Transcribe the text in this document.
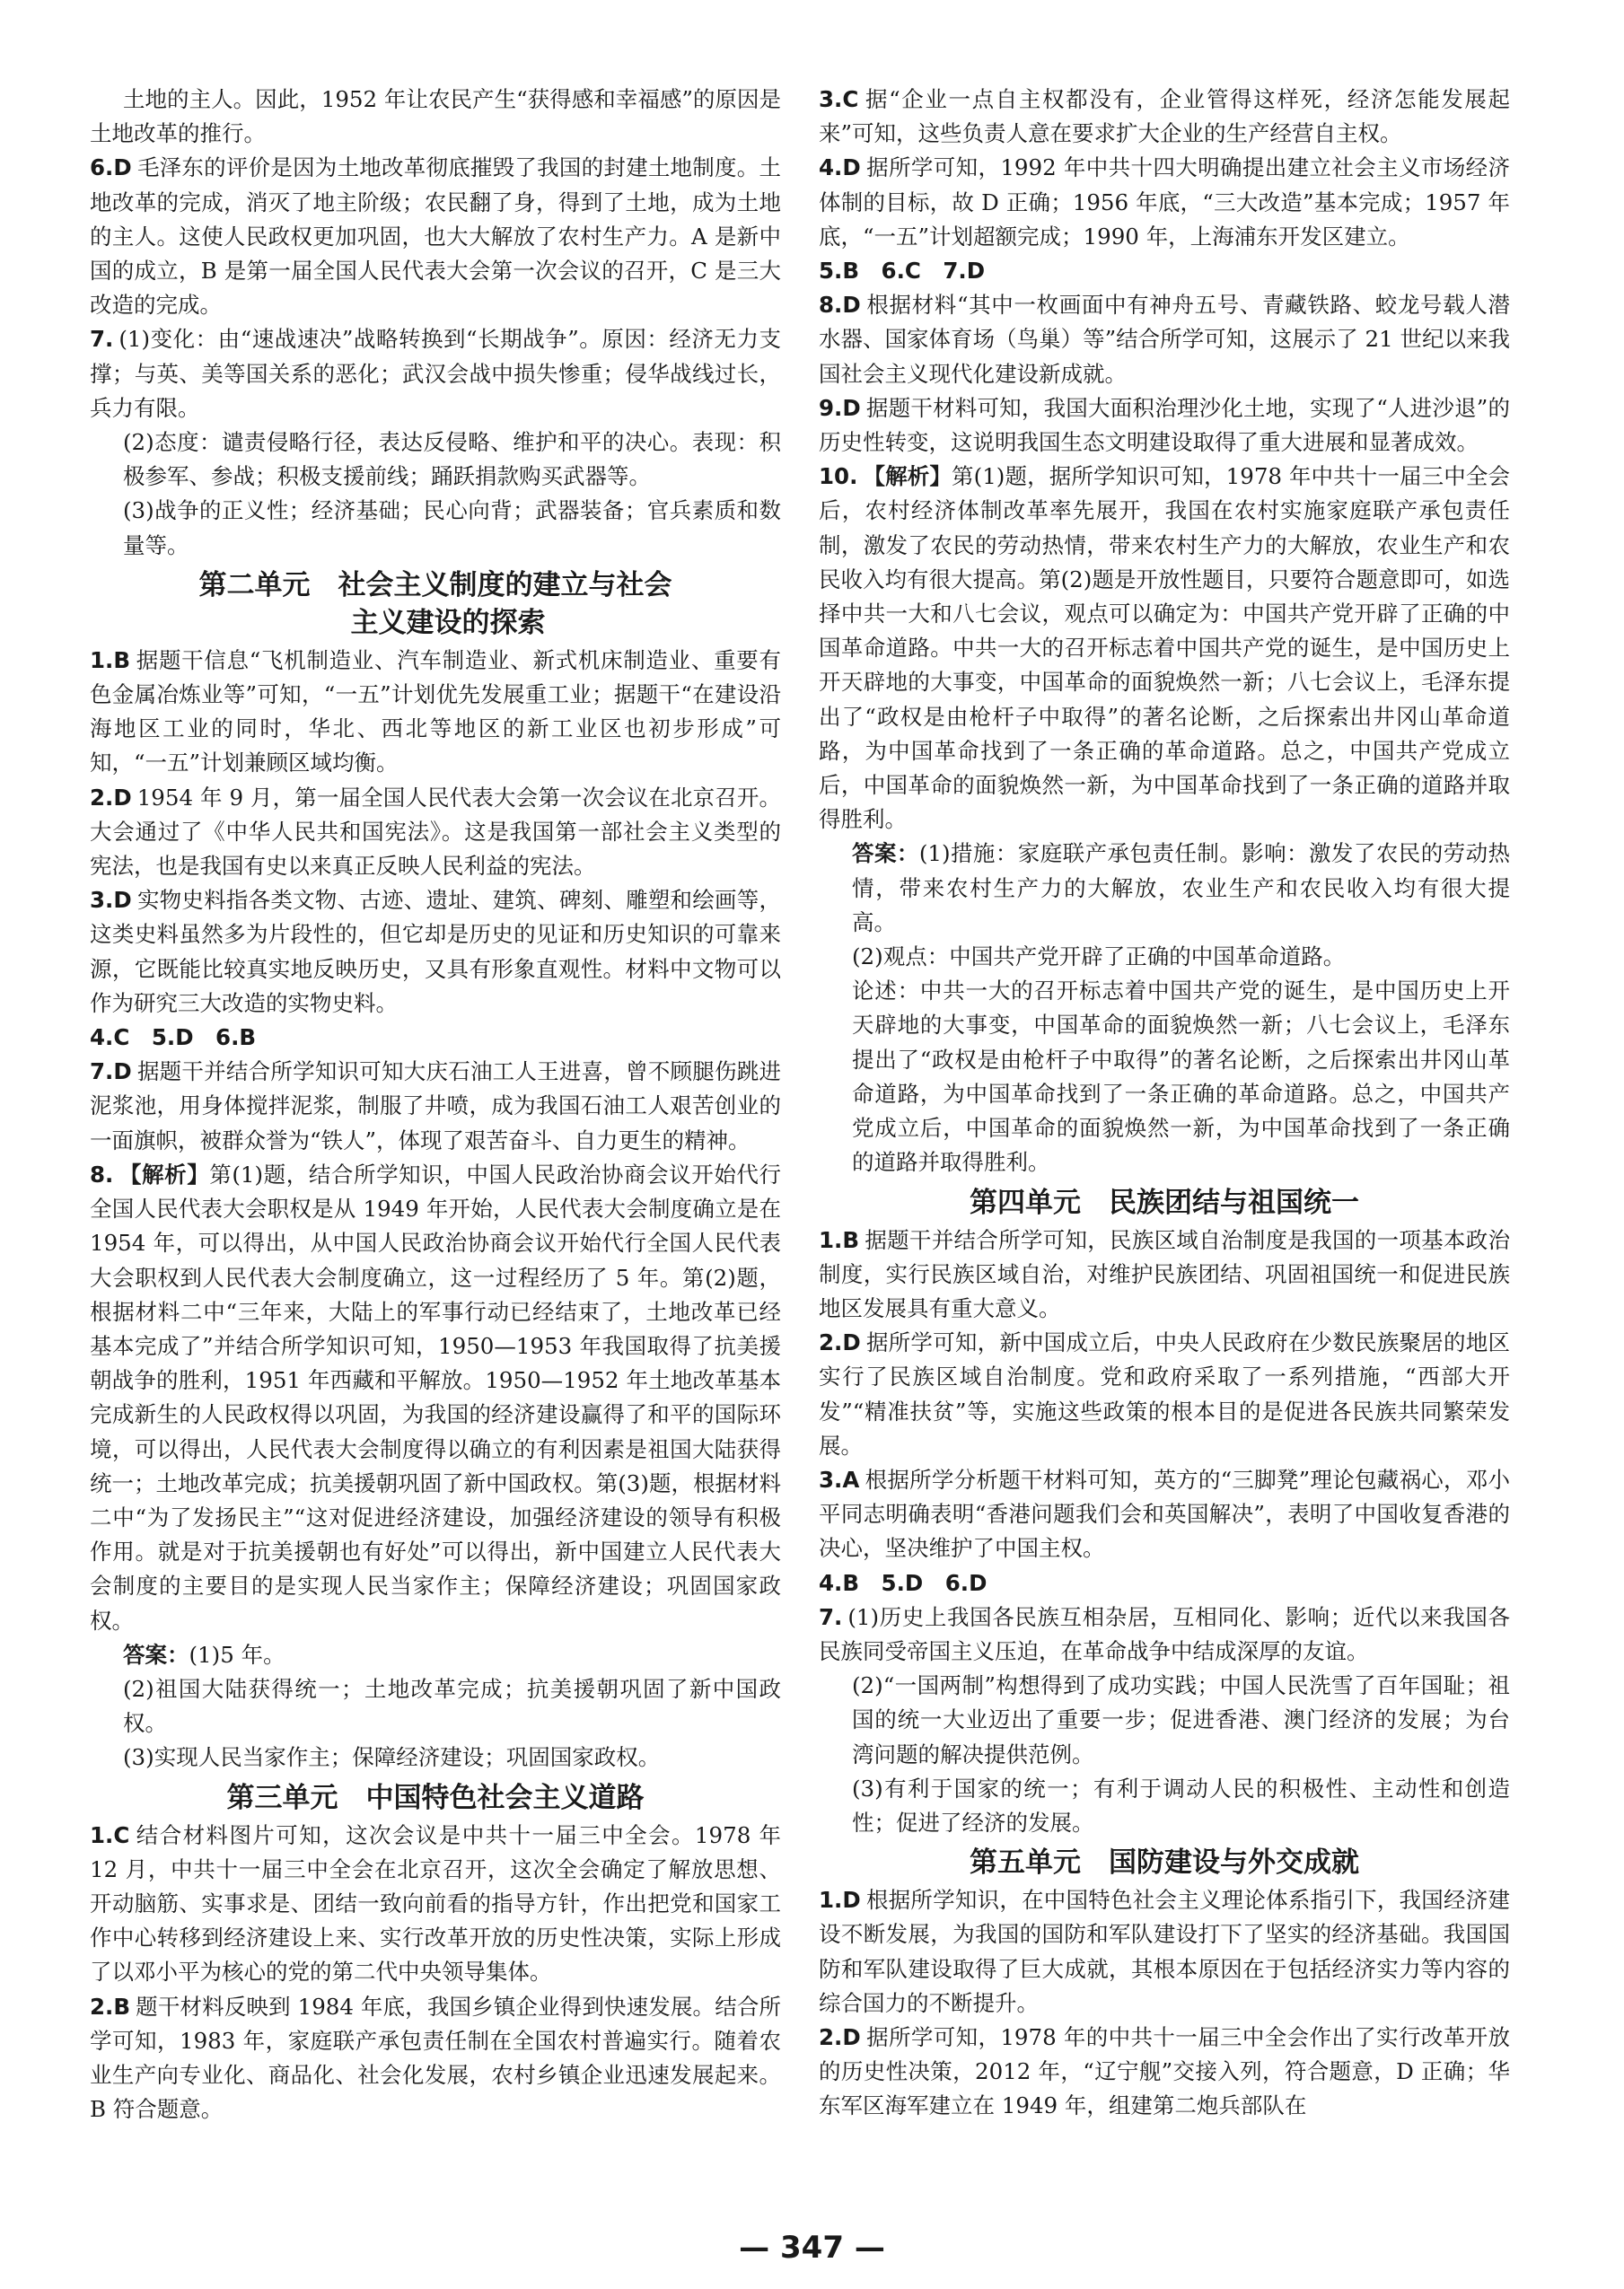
土地的主人。因此，1952 年让农民产生“获得感和幸福感”的原因是土地改革的推行。
6.D 毛泽东的评价是因为土地改革彻底摧毁了我国的封建土地制度。土地改革的完成，消灭了地主阶级；农民翻了身，得到了土地，成为土地的主人。这使人民政权更加巩固，也大大解放了农村生产力。A 是新中国的成立，B 是第一届全国人民代表大会第一次会议的召开，C 是三大改造的完成。
7. (1)变化：由“速战速决”战略转换到“长期战争”。原因：经济无力支撑；与英、美等国关系的恶化；武汉会战中损失惨重；侵华战线过长，兵力有限。
(2)态度：谴责侵略行径，表达反侵略、维护和平的决心。表现：积极参军、参战；积极支援前线；踊跃捐款购买武器等。
(3)战争的正义性；经济基础；民心向背；武器装备；官兵素质和数量等。
第二单元　社会主义制度的建立与社会
主义建设的探索
1.B 据题干信息“飞机制造业、汽车制造业、新式机床制造业、重要有色金属冶炼业等”可知，“一五”计划优先发展重工业；据题干“在建设沿海地区工业的同时，华北、西北等地区的新工业区也初步形成”可知，“一五”计划兼顾区域均衡。
2.D 1954 年 9 月，第一届全国人民代表大会第一次会议在北京召开。大会通过了《中华人民共和国宪法》。这是我国第一部社会主义类型的宪法，也是我国有史以来真正反映人民利益的宪法。
3.D 实物史料指各类文物、古迹、遗址、建筑、碑刻、雕塑和绘画等，这类史料虽然多为片段性的，但它却是历史的见证和历史知识的可靠来源，它既能比较真实地反映历史，又具有形象直观性。材料中文物可以作为研究三大改造的实物史料。
4.C　5.D　6.B
7.D 据题干并结合所学知识可知大庆石油工人王进喜，曾不顾腿伤跳进泥浆池，用身体搅拌泥浆，制服了井喷，成为我国石油工人艰苦创业的一面旗帜，被群众誉为“铁人”，体现了艰苦奋斗、自力更生的精神。
8. 【解析】第(1)题，结合所学知识，中国人民政治协商会议开始代行全国人民代表大会职权是从 1949 年开始，人民代表大会制度确立是在 1954 年，可以得出，从中国人民政治协商会议开始代行全国人民代表大会职权到人民代表大会制度确立，这一过程经历了 5 年。第(2)题，根据材料二中“三年来，大陆上的军事行动已经结束了，土地改革已经基本完成了”并结合所学知识可知，1950—1953 年我国取得了抗美援朝战争的胜利，1951 年西藏和平解放。1950—1952 年土地改革基本完成新生的人民政权得以巩固，为我国的经济建设赢得了和平的国际环境，可以得出，人民代表大会制度得以确立的有利因素是祖国大陆获得统一；土地改革完成；抗美援朝巩固了新中国政权。第(3)题，根据材料二中“为了发扬民主”“这对促进经济建设，加强经济建设的领导有积极作用。就是对于抗美援朝也有好处”可以得出，新中国建立人民代表大会制度的主要目的是实现人民当家作主；保障经济建设；巩固国家政权。
答案：(1)5 年。
(2)祖国大陆获得统一；土地改革完成；抗美援朝巩固了新中国政权。
(3)实现人民当家作主；保障经济建设；巩固国家政权。
第三单元　中国特色社会主义道路
1.C 结合材料图片可知，这次会议是中共十一届三中全会。1978 年 12 月，中共十一届三中全会在北京召开，这次全会确定了解放思想、开动脑筋、实事求是、团结一致向前看的指导方针，作出把党和国家工作中心转移到经济建设上来、实行改革开放的历史性决策，实际上形成了以邓小平为核心的党的第二代中央领导集体。
2.B 题干材料反映到 1984 年底，我国乡镇企业得到快速发展。结合所学可知，1983 年，家庭联产承包责任制在全国农村普遍实行。随着农业生产向专业化、商品化、社会化发展，农村乡镇企业迅速发展起来。B 符合题意。
3.C 据“企业一点自主权都没有，企业管得这样死，经济怎能发展起来”可知，这些负责人意在要求扩大企业的生产经营自主权。
4.D 据所学可知，1992 年中共十四大明确提出建立社会主义市场经济体制的目标，故 D 正确；1956 年底，“三大改造”基本完成；1957 年底，“一五”计划超额完成；1990 年，上海浦东开发区建立。
5.B　6.C　7.D
8.D 根据材料“其中一枚画面中有神舟五号、青藏铁路、蛟龙号载人潜水器、国家体育场（鸟巢）等”结合所学可知，这展示了 21 世纪以来我国社会主义现代化建设新成就。
9.D 据题干材料可知，我国大面积治理沙化土地，实现了“人进沙退”的历史性转变，这说明我国生态文明建设取得了重大进展和显著成效。
10. 【解析】第(1)题，据所学知识可知，1978 年中共十一届三中全会后，农村经济体制改革率先展开，我国在农村实施家庭联产承包责任制，激发了农民的劳动热情，带来农村生产力的大解放，农业生产和农民收入均有很大提高。第(2)题是开放性题目，只要符合题意即可，如选择中共一大和八七会议，观点可以确定为：中国共产党开辟了正确的中国革命道路。中共一大的召开标志着中国共产党的诞生，是中国历史上开天辟地的大事变，中国革命的面貌焕然一新；八七会议上，毛泽东提出了“政权是由枪杆子中取得”的著名论断，之后探索出井冈山革命道路，为中国革命找到了一条正确的革命道路。总之，中国共产党成立后，中国革命的面貌焕然一新，为中国革命找到了一条正确的道路并取得胜利。
答案：(1)措施：家庭联产承包责任制。影响：激发了农民的劳动热情，带来农村生产力的大解放，农业生产和农民收入均有很大提高。
(2)观点：中国共产党开辟了正确的中国革命道路。
论述：中共一大的召开标志着中国共产党的诞生，是中国历史上开天辟地的大事变，中国革命的面貌焕然一新；八七会议上，毛泽东提出了“政权是由枪杆子中取得”的著名论断，之后探索出井冈山革命道路，为中国革命找到了一条正确的革命道路。总之，中国共产党成立后，中国革命的面貌焕然一新，为中国革命找到了一条正确的道路并取得胜利。
第四单元　民族团结与祖国统一
1.B 据题干并结合所学可知，民族区域自治制度是我国的一项基本政治制度，实行民族区域自治，对维护民族团结、巩固祖国统一和促进民族地区发展具有重大意义。
2.D 据所学可知，新中国成立后，中央人民政府在少数民族聚居的地区实行了民族区域自治制度。党和政府采取了一系列措施，“西部大开发”“精准扶贫”等，实施这些政策的根本目的是促进各民族共同繁荣发展。
3.A 根据所学分析题干材料可知，英方的“三脚凳”理论包藏祸心，邓小平同志明确表明“香港问题我们会和英国解决”，表明了中国收复香港的决心，坚决维护了中国主权。
4.B　5.D　6.D
7. (1)历史上我国各民族互相杂居，互相同化、影响；近代以来我国各民族同受帝国主义压迫，在革命战争中结成深厚的友谊。
(2)“一国两制”构想得到了成功实践；中国人民洗雪了百年国耻；祖国的统一大业迈出了重要一步；促进香港、澳门经济的发展；为台湾问题的解决提供范例。
(3)有利于国家的统一；有利于调动人民的积极性、主动性和创造性；促进了经济的发展。
第五单元　国防建设与外交成就
1.D 根据所学知识，在中国特色社会主义理论体系指引下，我国经济建设不断发展，为我国的国防和军队建设打下了坚实的经济基础。我国国防和军队建设取得了巨大成就，其根本原因在于包括经济实力等内容的综合国力的不断提升。
2.D 据所学可知，1978 年的中共十一届三中全会作出了实行改革开放的历史性决策，2012 年，“辽宁舰”交接入列，符合题意，D 正确；华东军区海军建立在 1949 年，组建第二炮兵部队在
— 347 —
